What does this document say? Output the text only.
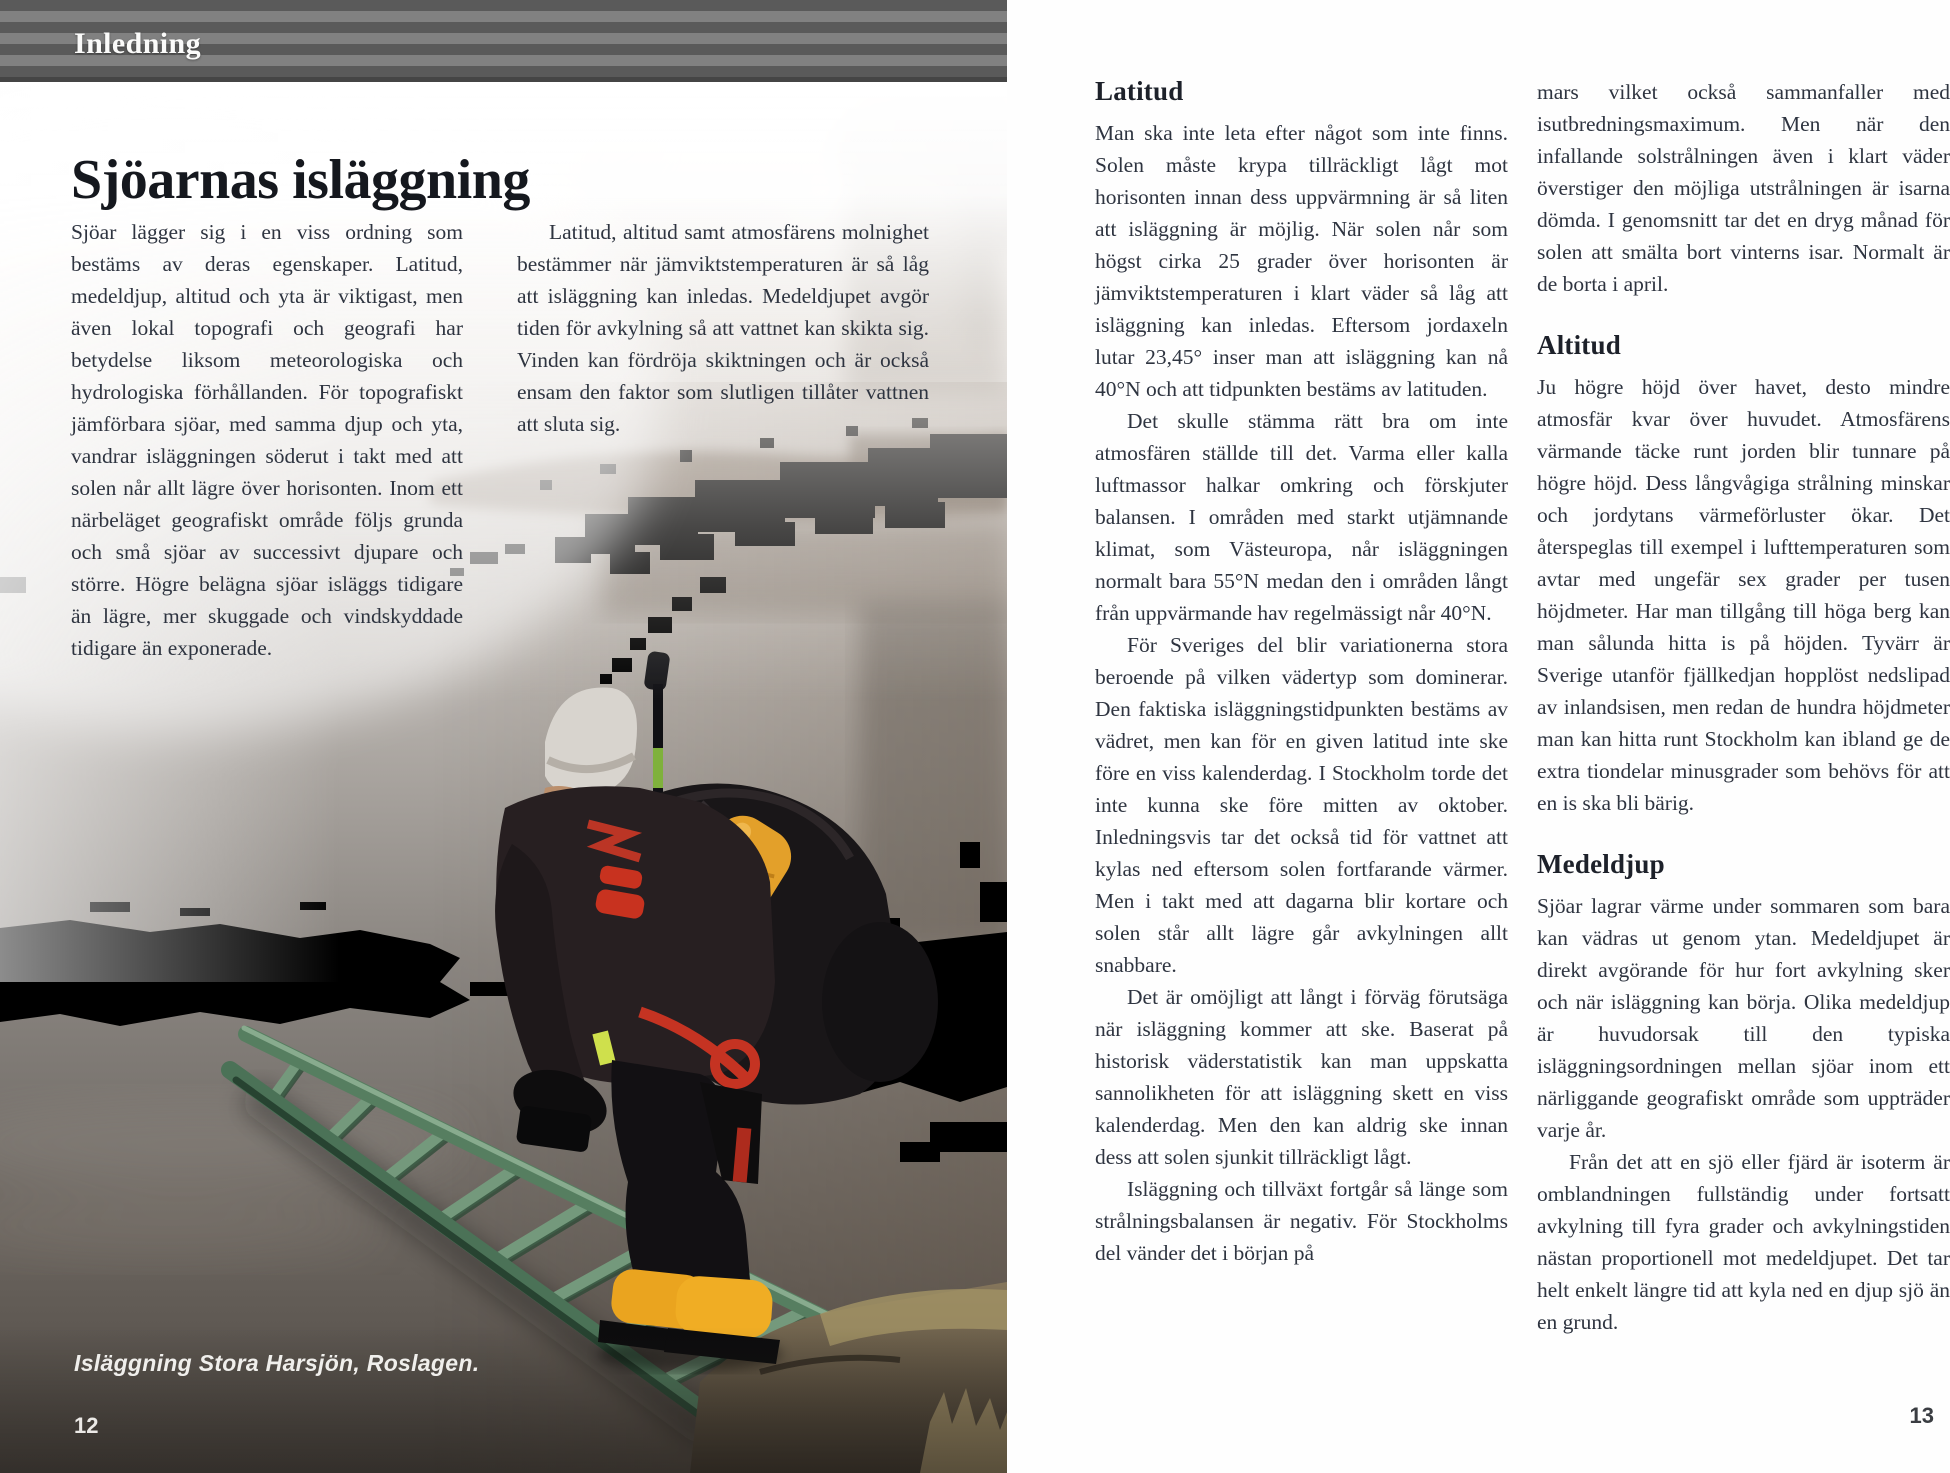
Inledning
Sjöarnas isläggning

Sjöar lägger sig i en viss ordning som bestäms av deras egenskaper. Latitud, medeldjup, altitud och yta är viktigast, men även lokal topografi och geografi har betydelse liksom meteorologiska och hydrologiska förhållanden. För topografiskt jämförbara sjöar, med samma djup och yta, vandrar isläggningen söderut i takt med att solen når allt lägre över horisonten. Inom ett närbeläget geografiskt område följs grunda och små sjöar av successivt djupare och större. Högre belägna sjöar isläggs tidigare än lägre, mer skuggade och vindskyddade tidigare än exponerade.

Latitud, altitud samt atmosfärens molnighet bestämmer när jämviktstemperaturen är så låg att isläggning kan inledas. Medeldjupet avgör tiden för avkylning så att vattnet kan skikta sig. Vinden kan fördröja skiktningen och är också ensam den faktor som slutligen tillåter vattnen att sluta sig.

Isläggning Stora Harsjön, Roslagen.
12
Latitud

Man ska inte leta efter något som inte finns. Solen måste krypa tillräckligt lågt mot horisonten innan dess uppvärmning är så liten att isläggning är möjlig. När solen når som högst cirka 25 grader över horisonten är jämviktstemperaturen i klart väder så låg att isläggning kan inledas. Eftersom jordaxeln lutar 23,45° inser man att isläggning kan nå 40°N och att tidpunkten bestäms av latituden.

Det skulle stämma rätt bra om inte atmosfären ställde till det. Varma eller kalla luftmassor halkar omkring och förskjuter balansen. I områden med starkt utjämnande klimat, som Västeuropa, når isläggningen normalt bara 55°N medan den i områden långt från uppvärmande hav regelmässigt når 40°N.

För Sveriges del blir variationerna stora beroende på vilken vädertyp som dominerar. Den faktiska isläggningstidpunkten bestäms av vädret, men kan för en given latitud inte ske före en viss kalenderdag. I Stockholm torde det inte kunna ske före mitten av oktober. Inledningsvis tar det också tid för vattnet att kylas ned eftersom solen fortfarande värmer. Men i takt med att dagarna blir kortare och solen står allt lägre går avkylningen allt snabbare.

Det är omöjligt att långt i förväg förutsäga när isläggning kommer att ske. Baserat på historisk väderstatistik kan man uppskatta sannolikheten för att isläggning skett en viss kalenderdag. Men den kan aldrig ske innan dess att solen sjunkit tillräckligt lågt.

Isläggning och tillväxt fortgår så länge som strålningsbalansen är negativ. För Stockholms del vänder det i början på

mars vilket också sammanfaller med isutbredningsmaximum. Men när den infallande solstrålningen även i klart väder överstiger den möjliga utstrålningen är isarna dömda. I genomsnitt tar det en dryg månad för solen att smälta bort vinterns isar. Normalt är de borta i april.

Altitud

Ju högre höjd över havet, desto mindre atmosfär kvar över huvudet. Atmosfärens värmande täcke runt jorden blir tunnare på högre höjd. Dess långvågiga strålning minskar och jordytans värmeförluster ökar. Det återspeglas till exempel i lufttemperaturen som avtar med ungefär sex grader per tusen höjdmeter. Har man tillgång till höga berg kan man sålunda hitta is på höjden. Tyvärr är Sverige utanför fjällkedjan hopplöst nedslipad av inlandsisen, men redan de hundra höjdmeter man kan hitta runt Stockholm kan ibland ge de extra tiondelar minusgrader som behövs för att en is ska bli bärig.

Medeldjup

Sjöar lagrar värme under sommaren som bara kan vädras ut genom ytan. Medeldjupet är direkt avgörande för hur fort avkylning sker och när isläggning kan börja. Olika medeldjup är huvudorsak till den typiska isläggningsordningen mellan sjöar inom ett närliggande geografiskt område som uppträder varje år.

Från det att en sjö eller fjärd är isoterm är omblandningen fullständig under fortsatt avkylning till fyra grader och avkylningstiden nästan proportionell mot medeldjupet. Det tar helt enkelt längre tid att kyla ned en djup sjö än en grund.

13
